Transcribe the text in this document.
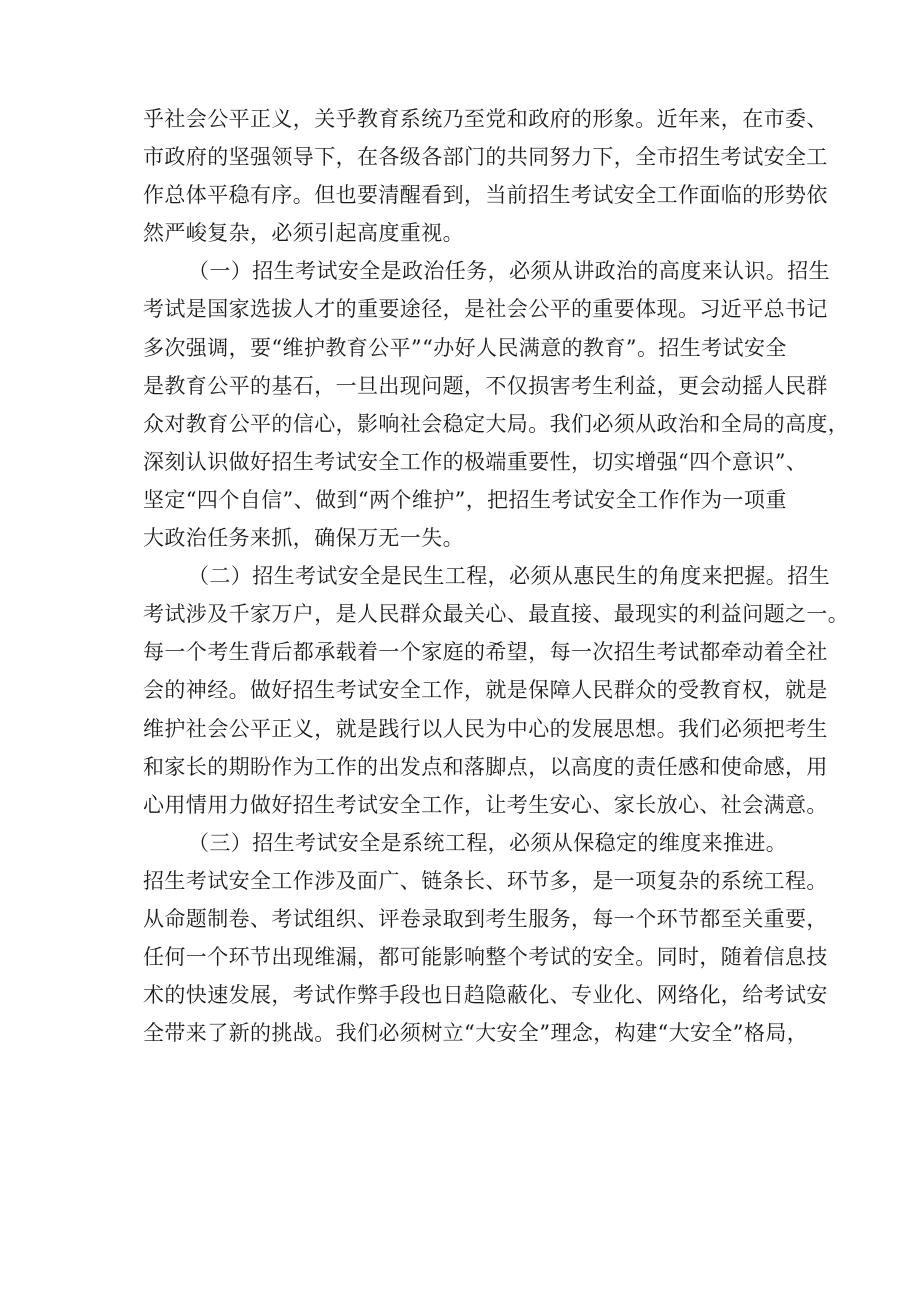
乎社会公平正义，关乎教育系统乃至党和政府的形象。近年来，在市委、
市政府的坚强领导下，在各级各部门的共同努力下，全市招生考试安全工
作总体平稳有序。但也要清醒看到，当前招生考试安全工作面临的形势依
然严峻复杂，必须引起高度重视。
（一）招生考试安全是政治任务，必须从讲政治的高度来认识。招生
考试是国家选拔人才的重要途径，是社会公平的重要体现。习近平总书记
多次强调，要“维护教育公平”“办好人民满意的教育”。招生考试安全
是教育公平的基石，一旦出现问题，不仅损害考生利益，更会动摇人民群
众对教育公平的信心，影响社会稳定大局。我们必须从政治和全局的高度，
深刻认识做好招生考试安全工作的极端重要性，切实增强“四个意识”、
坚定“四个自信”、做到“两个维护”，把招生考试安全工作作为一项重
大政治任务来抓，确保万无一失。
（二）招生考试安全是民生工程，必须从惠民生的角度来把握。招生
考试涉及千家万户，是人民群众最关心、最直接、最现实的利益问题之一。
每一个考生背后都承载着一个家庭的希望，每一次招生考试都牵动着全社
会的神经。做好招生考试安全工作，就是保障人民群众的受教育权，就是
维护社会公平正义，就是践行以人民为中心的发展思想。我们必须把考生
和家长的期盼作为工作的出发点和落脚点，以高度的责任感和使命感，用
心用情用力做好招生考试安全工作，让考生安心、家长放心、社会满意。
（三）招生考试安全是系统工程，必须从保稳定的维度来推进。
招生考试安全工作涉及面广、链条长、环节多，是一项复杂的系统工程。
从命题制卷、考试组织、评卷录取到考生服务，每一个环节都至关重要，
任何一个环节出现维漏，都可能影响整个考试的安全。同时，随着信息技
术的快速发展，考试作弊手段也日趋隐蔽化、专业化、网络化，给考试安
全带来了新的挑战。我们必须树立“大安全”理念，构建“大安全”格局，
